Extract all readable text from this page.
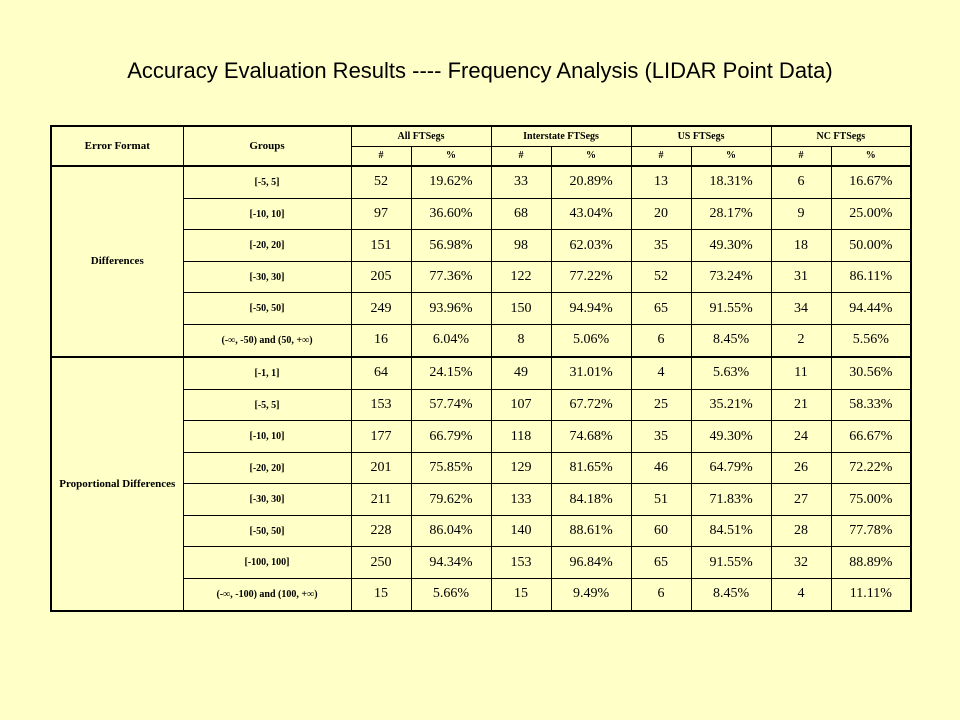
Accuracy Evaluation Results ---- Frequency Analysis (LIDAR Point Data)
Error Format	Groups	All FTSegs		Interstate FTSegs		US FTSegs		NC FTSegs	
		#	%	#	%	#	%	#	%
Differences	[-5, 5]	52	19.62%	33	20.89%	13	18.31%	6	16.67%
	[-10, 10]	97	36.60%	68	43.04%	20	28.17%	9	25.00%
	[-20, 20]	151	56.98%	98	62.03%	35	49.30%	18	50.00%
	[-30, 30]	205	77.36%	122	77.22%	52	73.24%	31	86.11%
	[-50, 50]	249	93.96%	150	94.94%	65	91.55%	34	94.44%
	(-∞, -50) and (50, +∞)	16	6.04%	8	5.06%	6	8.45%	2	5.56%
Proportional Differences	[-1, 1]	64	24.15%	49	31.01%	4	5.63%	11	30.56%
	[-5, 5]	153	57.74%	107	67.72%	25	35.21%	21	58.33%
	[-10, 10]	177	66.79%	118	74.68%	35	49.30%	24	66.67%
	[-20, 20]	201	75.85%	129	81.65%	46	64.79%	26	72.22%
	[-30, 30]	211	79.62%	133	84.18%	51	71.83%	27	75.00%
	[-50, 50]	228	86.04%	140	88.61%	60	84.51%	28	77.78%
	[-100, 100]	250	94.34%	153	96.84%	65	91.55%	32	88.89%
	(-∞, -100) and (100, +∞)	15	5.66%	15	9.49%	6	8.45%	4	11.11%
